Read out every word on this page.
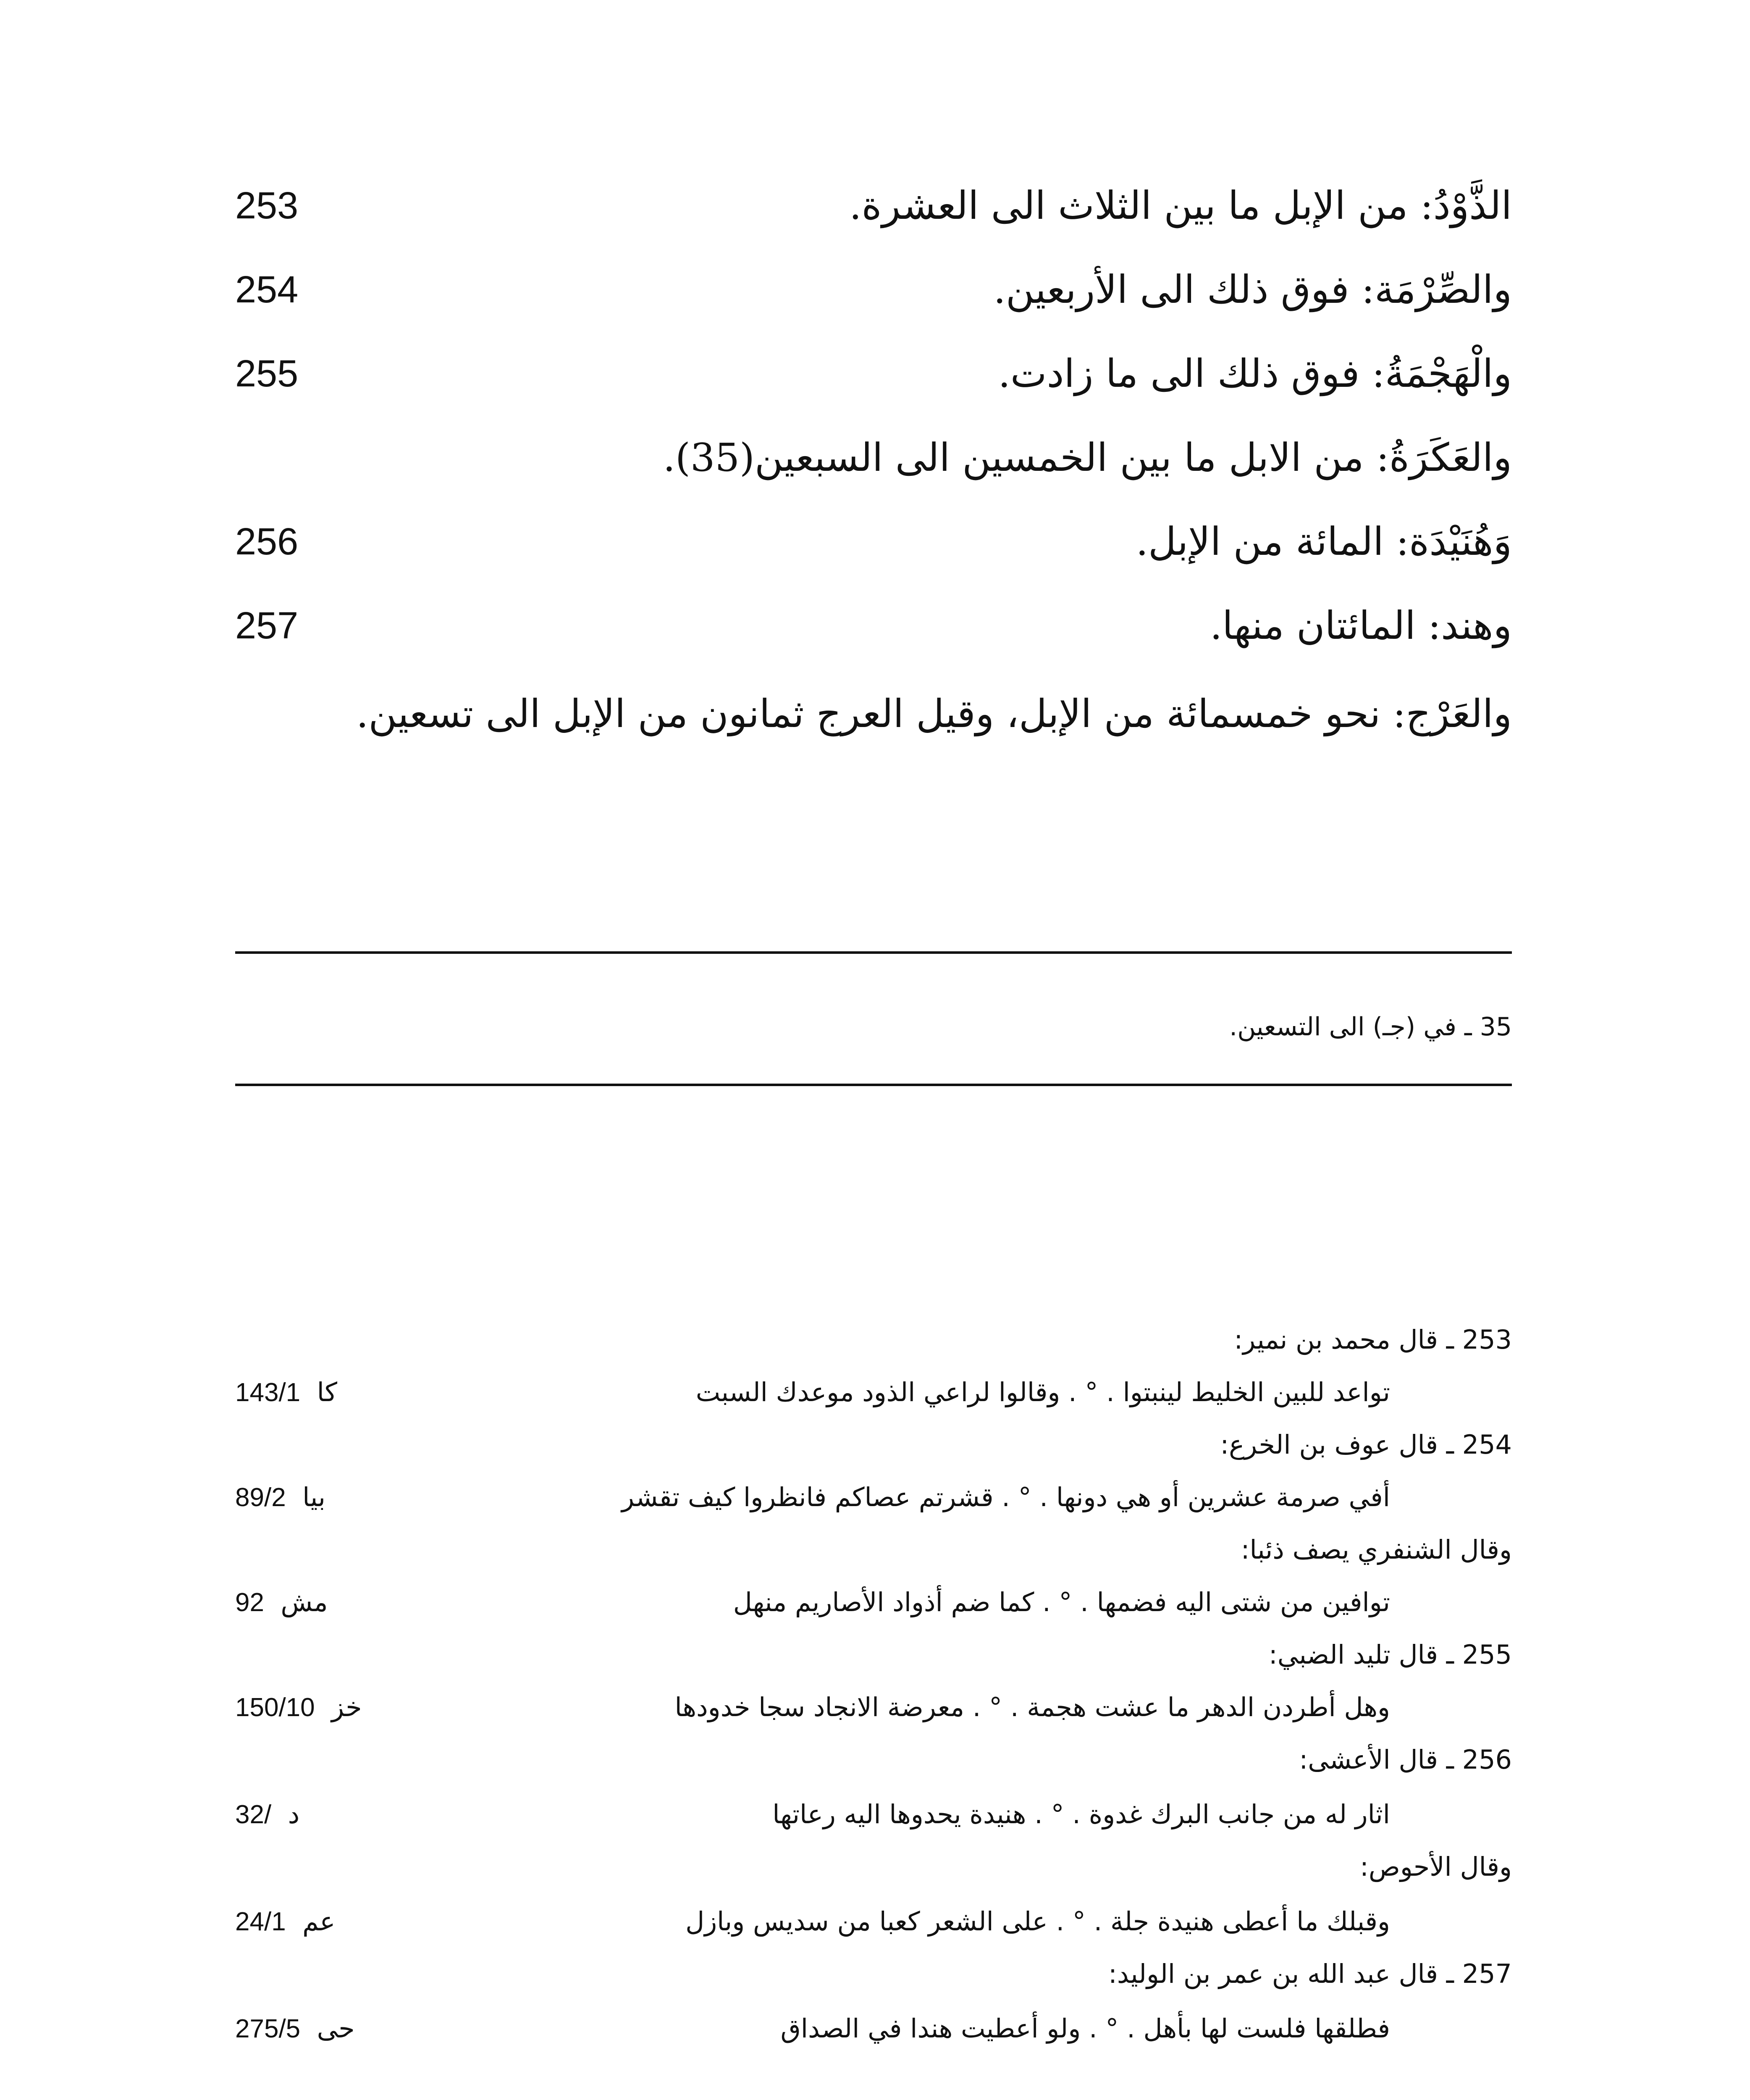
الذَّوْدُ: من الإبل ما بين الثلاث الى العشرة.
253
والصِّرْمَة: فوق ذلك الى الأربعين.
254
والْهَجْمَةُ: فوق ذلك الى ما زادت.
255
والعَكَرَةُ: من الابل ما بين الخمسين الى السبعين(35).
وَهُنَيْدَة: المائة من الإبل.
256
وهند: المائتان منها.
257
والعَرْج: نحو خمسمائة من الإبل، وقيل العرج ثمانون من الإبل الى تسعين.
35 ـ في (جـ) الى التسعين.
253 ـ قال محمد بن نمير:
تواعد للبين الخليط لينبتوا . ° . وقالوا لراعي الذود موعدك السبت
143/1 كا
254 ـ قال عوف بن الخرع:
أفي صرمة عشرين أو هي دونها . ° . قشرتم عصاكم فانظروا كيف تقشر
89/2 بيا
وقال الشنفري يصف ذئبا:
توافين من شتى اليه فضمها . ° . كما ضم أذواد الأصاريم منهل
92 مش
255 ـ قال تليد الضبي:
وهل أطردن الدهر ما عشت هجمة . ° . معرضة الانجاد سجا خدودها
150/10 خز
256 ـ قال الأعشى:
اثار له من جانب البرك غدوة . ° . هنيدة يحدوها اليه رعاتها
32/ د
وقال الأحوص:
وقبلك ما أعطى هنيدة جلة . ° . على الشعر كعبا من سديس وبازل
24/1 عم
257 ـ قال عبد الله بن عمر بن الوليد:
فطلقها فلست لها بأهل . ° . ولو أعطيت هندا في الصداق
275/5 حى
